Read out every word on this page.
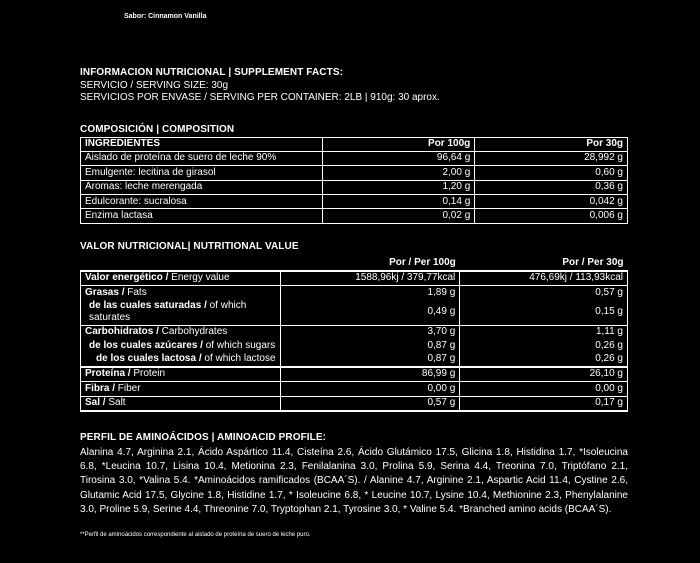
Sabor: Cinnamon Vanilla
INFORMACION NUTRICIONAL | SUPPLEMENT FACTS:
SERVICIO / SERVING SIZE: 30g
SERVICIOS POR ENVASE / SERVING PER CONTAINER: 2LB | 910g: 30 aprox.
COMPOSICIÓN | COMPOSITION
INGREDIENTES	Por 100g	Por 30g
Aislado de proteína de suero de leche 90%	96,64 g	28,992 g
Emulgente: lecitina de girasol	2,00 g	0,60 g
Aromas: leche merengada	1,20 g	0,36 g
Edulcorante: sucralosa	0,14 g	0,042 g
Enzima lactasa	0,02 g	0,006 g
VALOR NUTRICIONAL| NUTRITIONAL VALUE
	Por / Per 100g	Por / Per 30g
Valor energético / Energy value	1588,96kj / 379,77kcal	476,69kj / 113,93kcal
Grasas / Fats	1,89 g	0,57 g
de las cuales saturadas / of which saturates	0,49 g	0,15 g
Carbohidratos / Carbohydrates	3,70 g	1,11 g
de los cuales azúcares / of which sugars	0,87 g	0,26 g
de los cuales lactosa / of which lactose	0,87 g	0,26 g
Proteína / Protein	86,99 g	26,10 g
Fibra / Fiber	0,00 g	0,00 g
Sal / Salt	0,57 g	0,17 g
PERFIL DE AMINOÁCIDOS | AMINOACID PROFILE:
Alanina 4.7, Arginina 2.1, Ácido Aspártico 11.4, Cisteína 2.6, Ácido Glutámico 17.5, Glicina 1.8, Histidina 1.7, *Isoleucina 6.8, *Leucina 10.7, Lisina 10.4, Metionina 2.3, Fenilalanina 3.0, Prolina 5.9, Serina 4.4, Treonina 7.0, Triptófano 2.1, Tirosina 3.0, *Valina 5.4. *Aminoácidos ramificados (BCAA´S). / Alanine 4.7, Arginine 2.1, Aspartic Acid 11.4, Cystine 2.6, Glutamic Acid 17.5, Glycine 1.8, Histidine 1.7, * Isoleucine 6.8, * Leucine 10.7, Lysine 10.4, Methionine 2.3, Phenylalanine 3.0, Proline 5.9, Serine 4.4, Threonine 7.0, Tryptophan 2.1, Tyrosine 3.0, * Valine 5.4. *Branched amino acids (BCAA´S).
**Perfil de aminoácidos correspondiente al aislado de proteína de suero de leche puro.
